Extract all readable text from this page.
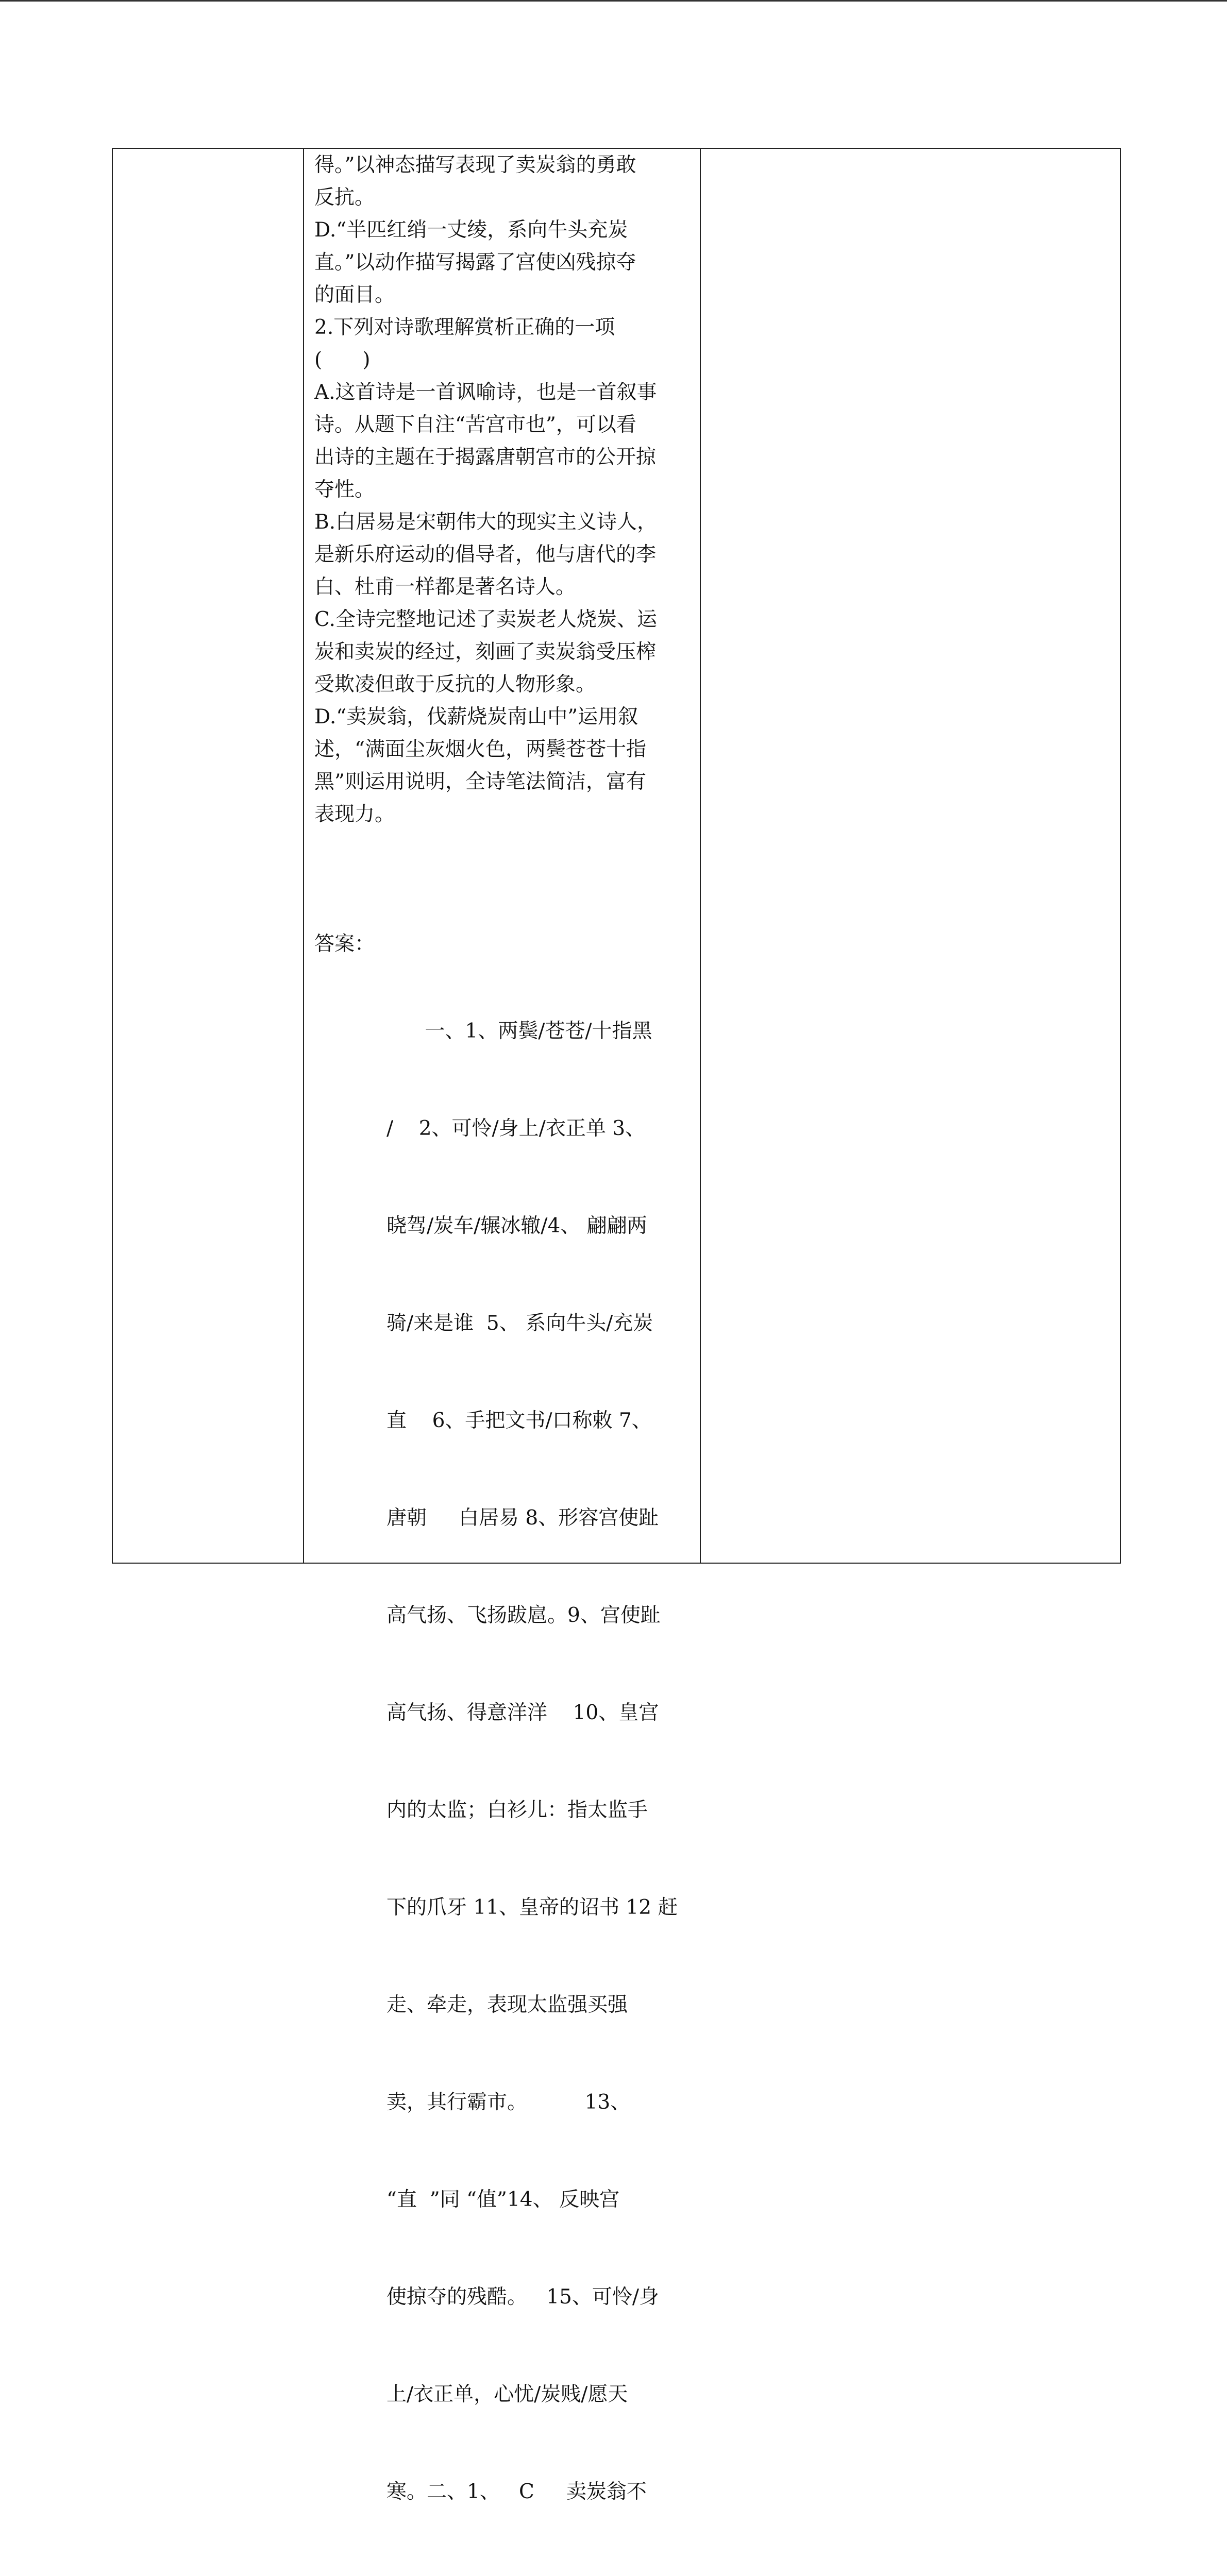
得。”以神态描写表现了卖炭翁的勇敢
反抗。
D.“半匹红绡一丈绫，系向牛头充炭
直。”以动作描写揭露了宫使凶残掠夺
的面目。
2.下列对诗歌理解赏析正确的一项
(　　)
A.这首诗是一首讽喻诗，也是一首叙事
诗。从题下自注“苦宫市也”，可以看
出诗的主题在于揭露唐朝宫市的公开掠
夺性。
B.白居易是宋朝伟大的现实主义诗人，
是新乐府运动的倡导者，他与唐代的李
白、杜甫一样都是著名诗人。
C.全诗完整地记述了卖炭老人烧炭、运
炭和卖炭的经过，刻画了卖炭翁受压榨
受欺凌但敢于反抗的人物形象。
D.“卖炭翁，伐薪烧炭南山中”运用叙
述，“满面尘灰烟火色，两鬓苍苍十指
黑”则运用说明，全诗笔法简洁，富有
表现力。
答案：

一、1、两鬓/苍苍/十指黑

/    2、可怜/身上/衣正单 3、

晓驾/炭车/辗冰辙/4、 翩翩两

骑/来是谁  5、 系向牛头/充炭

直    6、手把文书/口称敕 7、

唐朝     白居易 8、形容宫使趾

高气扬、飞扬跋扈。9、宫使趾

高气扬、得意洋洋    10、皇宫

内的太监；白衫儿：指太监手

下的爪牙 11、皇帝的诏书 12 赶

走、牵走，表现太监强买强

卖，其行霸市。         13、

“直  ”同 “值”14、 反映宫

使掠夺的残酷。   15、可怜/身

上/衣正单，心忧/炭贱/愿天

寒。二、1、   C     卖炭翁不
